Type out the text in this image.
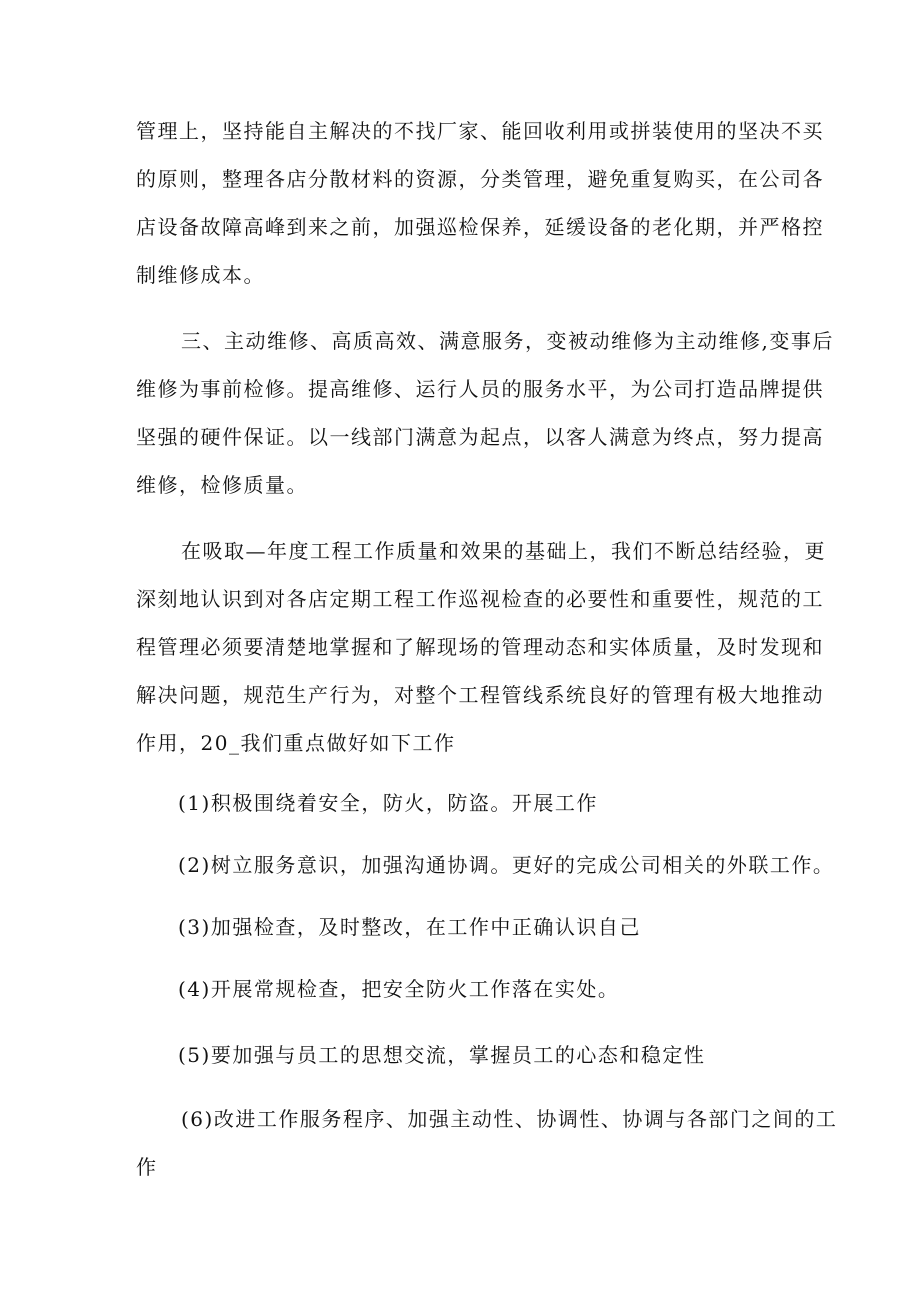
管理上，坚持能自主解决的不找厂家、能回收利用或拼装使用的坚决不买
的原则，整理各店分散材料的资源，分类管理，避免重复购买，在公司各
店设备故障高峰到来之前，加强巡检保养，延缓设备的老化期，并严格控
制维修成本。
三、主动维修、高质高效、满意服务，变被动维修为主动维修,变事后
维修为事前检修。提高维修、运行人员的服务水平，为公司打造品牌提供
坚强的硬件保证。以一线部门满意为起点，以客人满意为终点，努力提高
维修，检修质量。
在吸取—年度工程工作质量和效果的基础上，我们不断总结经验，更
深刻地认识到对各店定期工程工作巡视检查的必要性和重要性，规范的工
程管理必须要清楚地掌握和了解现场的管理动态和实体质量，及时发现和
解决问题，规范生产行为，对整个工程管线系统良好的管理有极大地推动
作用，20_我们重点做好如下工作
(1)积极围绕着安全，防火，防盗。开展工作
(2)树立服务意识，加强沟通协调。更好的完成公司相关的外联工作。
(3)加强检查，及时整改，在工作中正确认识自己
(4)开展常规检查，把安全防火工作落在实处。
(5)要加强与员工的思想交流，掌握员工的心态和稳定性
(6)改进工作服务程序、加强主动性、协调性、协调与各部门之间的工
作
